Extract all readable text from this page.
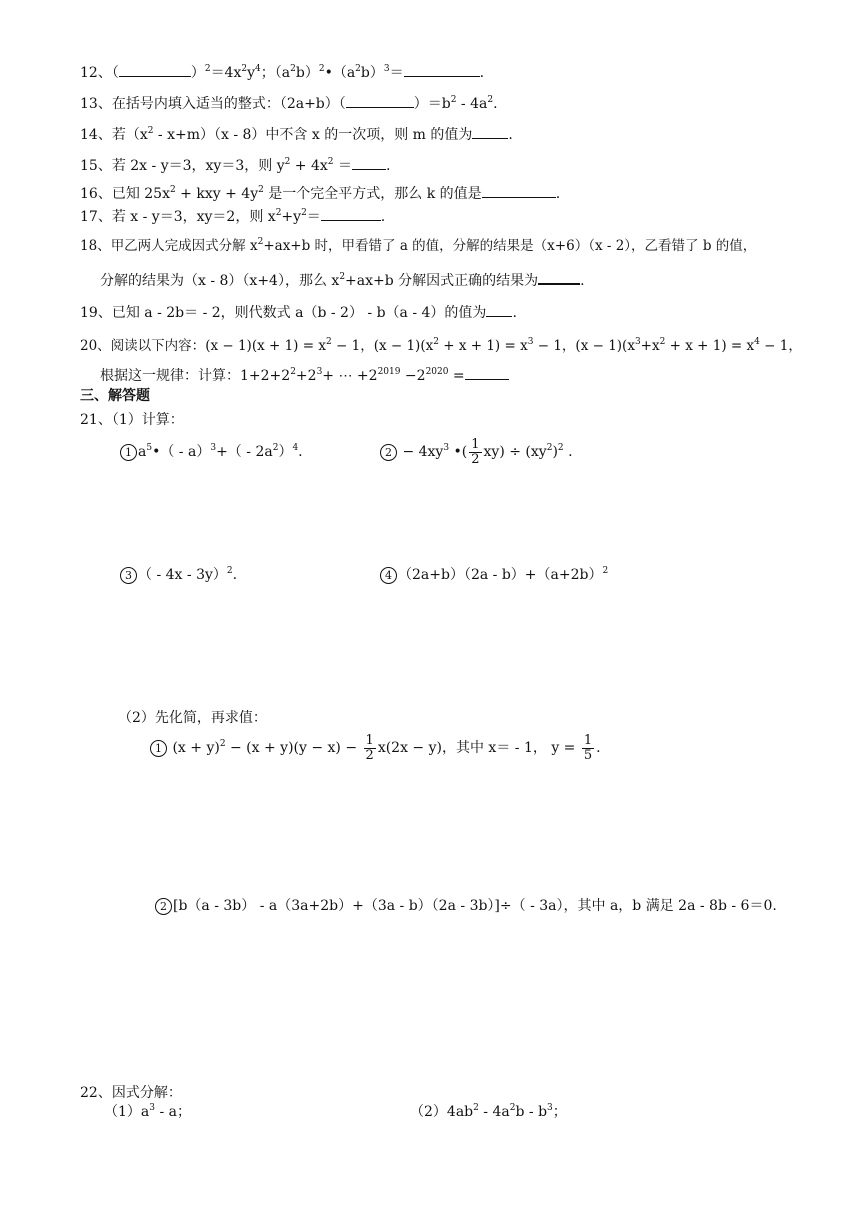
12、（	）$^2=4x^2y^4$；$(a^2b)^2•(a^2b)^3=$	.
13、在括号内填入适当的整式：（2a+b）（	）$=b^2 - 4a^2$.
14、若$(x^2 - x+m)(x - 8)$中不含 x 的一次项，则 m 的值为	.
15、若 2x - y＝3，xy＝3，则 $y^2 + 4x^2$ ＝ .
16、已知 $25x^2$ + kxy + $4y^2$ 是一个完全平方式，那么 k 的值是	.
17、若 x - y＝3，xy＝2，则 $x^2+y^2=$	.
18、甲乙两人完成因式分解 $x^2+ax+b$ 时，甲看错了 a 的值，分解的结果是（x+6）（x - 2），乙看错了 b 的值，
分解的结果为（x - 8）（x+4），那么 $x^2+ax+b$ 分解因式正确的结果为	.
19、已知 a - 2b＝ - 2，则代数式 a（b - 2） - b（a - 4）的值为 .
20、阅读以下内容：$(x - 1)(x + 1) = x^2 - 1$，$(x - 1)(x^2 + x + 1) = x^3 - 1$，$(x - 1)(x^3+x^2 + x + 1) = x^4 - 1$，
根据这一规律：计算：$1+2+2^2+2^3+$ ⋯ $+2^{2019} -2^{2020}$ =
三、解答题
21、（1）计算：
1 $a^5•( - a)^3+( - 2a^2)^4$.	$2 - 4xy^3$ •( $\frac{1}{2} xy) \div (xy^2)^2$ .
3 （ - 4x - 3y）$^2$.	4 $(2a+b)(2a - b)+(a+2b)^2$
（2）先化简，再求值：
1 $(x + y)^2 - (x + y)(y - x) - \frac{1}{2} x(2x - y)$，其中 x＝ - 1， $y = \frac{1}{5}$ .
2 [b（a - 3b） - a（3a+2b）+（3a - b）（2a - 3b）]÷（ - 3a），其中 a，b 满足 2a - 8b - 6＝0.
22、因式分解：
$(1)a^3$ - a；	$(2)4ab^2 - 4a^2b - b^3$；
